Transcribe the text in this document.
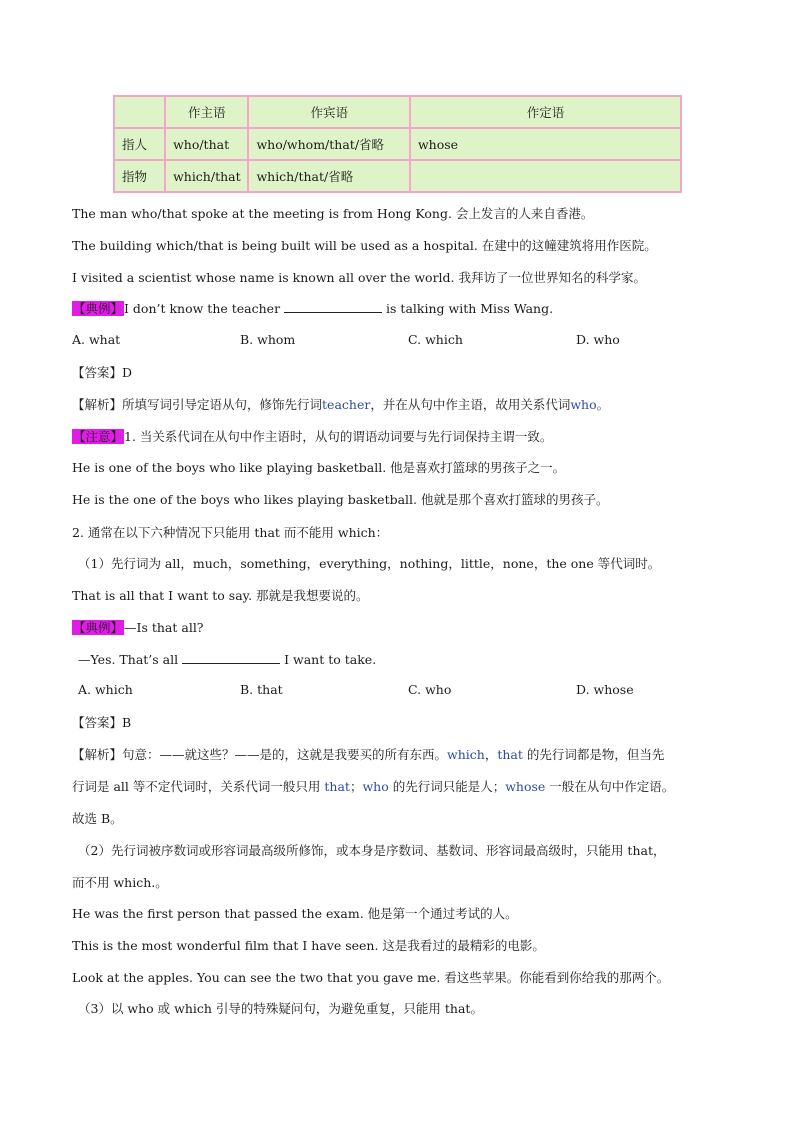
	作主语	作宾语	作定语
指人	who/that	who/whom/that/省略	whose
指物	which/that	which/that/省略	
The man who/that spoke at the meeting is from Hong Kong. 会上发言的人来自香港。
The building which/that is being built will be used as a hospital. 在建中的这幢建筑将用作医院。
I visited a scientist whose name is known all over the world. 我拜访了一位世界知名的科学家。
【典例】I don’t know the teacher	is talking with Miss Wang.
A. what	B. whom	C. which	D. who
【答案】D
【解析】所填写词引导定语从句，修饰先行词teacher，并在从句中作主语，故用关系代词who。
【注意】1. 当关系代词在从句中作主语时，从句的谓语动词要与先行词保持主谓一致。
He is one of the boys who like playing basketball. 他是喜欢打篮球的男孩子之一。
He is the one of the boys who likes playing basketball. 他就是那个喜欢打篮球的男孩子。
2. 通常在以下六种情况下只能用 that 而不能用 which：
（1）先行词为 all，much，something，everything，nothing，little，none，the one 等代词时。
That is all that I want to say. 那就是我想要说的。
【典例】—Is that all?
—Yes. That’s all	I want to take.
A. which	B. that	C. who	D. whose
【答案】B
【解析】句意：——就这些？——是的，这就是我要买的所有东西。which，that 的先行词都是物，但当先
行词是 all 等不定代词时，关系代词一般只用 that；who 的先行词只能是人；whose 一般在从句中作定语。
故选 B。
（2）先行词被序数词或形容词最高级所修饰，或本身是序数词、基数词、形容词最高级时，只能用 that，
而不用 which.。
He was the first person that passed the exam. 他是第一个通过考试的人。
This is the most wonderful film that I have seen. 这是我看过的最精彩的电影。
Look at the apples. You can see the two that you gave me. 看这些苹果。你能看到你给我的那两个。
（3）以 who 或 which 引导的特殊疑问句，为避免重复，只能用 that。
